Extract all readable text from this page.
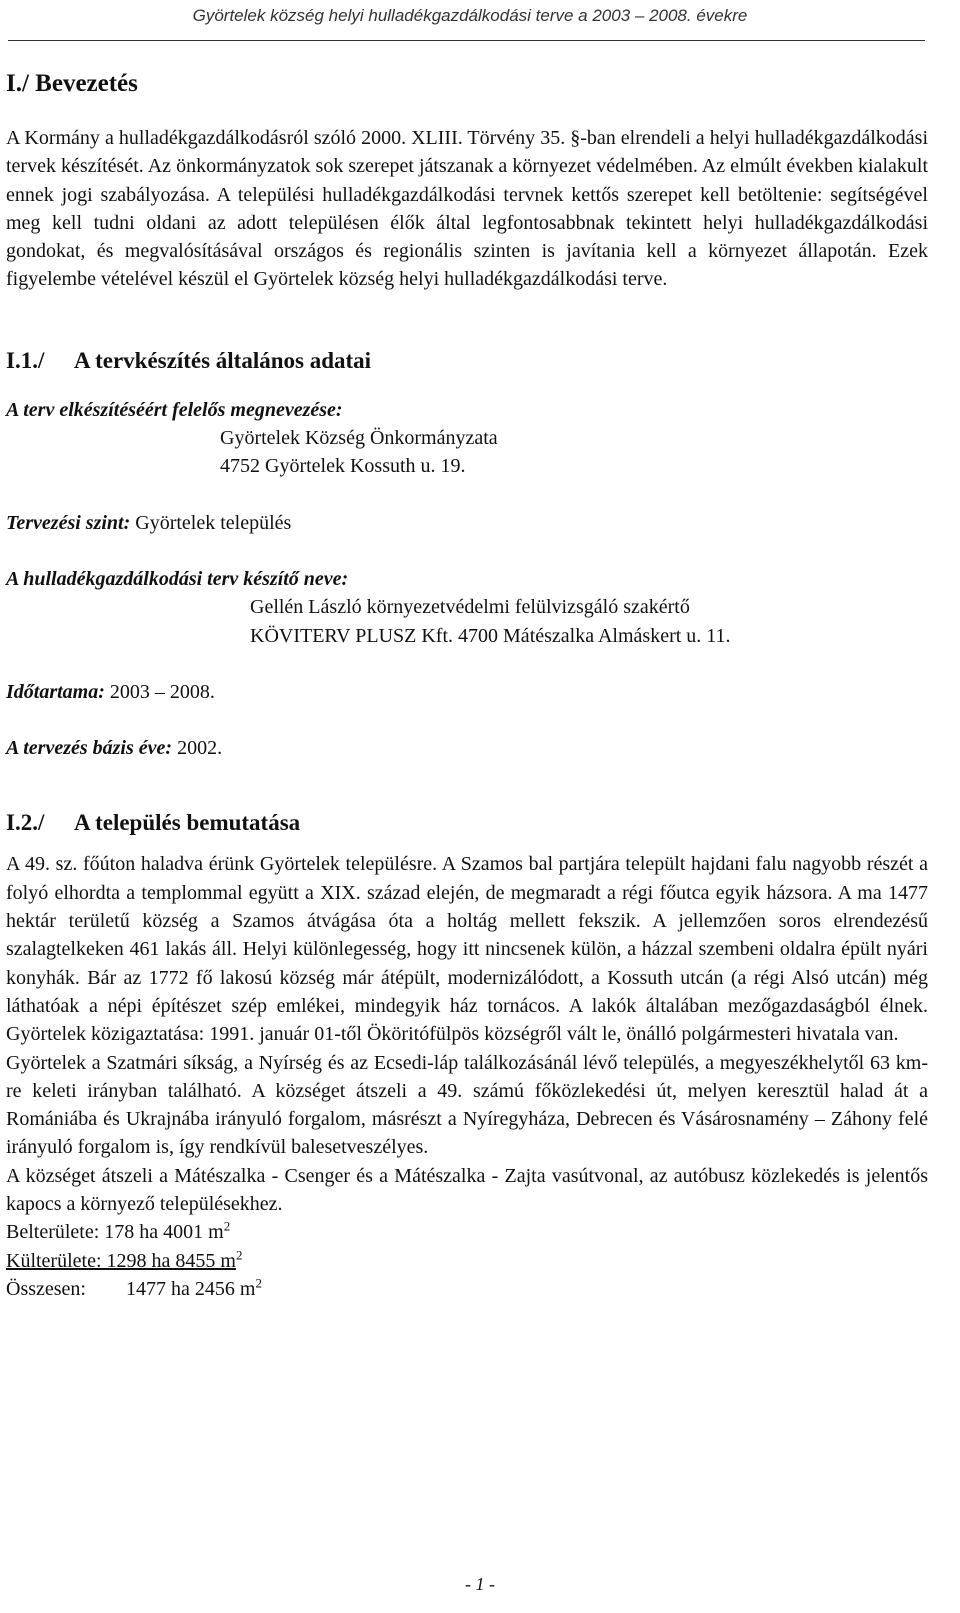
Györtelek község helyi hulladékgazdálkodási terve a 2003 – 2008. évekre
I./ Bevezetés

A Kormány a hulladékgazdálkodásról szóló 2000. XLIII. Törvény 35. §-ban elrendeli a helyi hulladékgazdálkodási tervek készítését. Az önkormányzatok sok szerepet játszanak a környezet védelmében. Az elmúlt években kialakult ennek jogi szabályozása. A települési hulladékgazdálkodási tervnek kettős szerepet kell betöltenie: segítségével meg kell tudni oldani az adott településen élők által legfontosabbnak tekintett helyi hulladékgazdálkodási gondokat, és megvalósításával országos és regionális szinten is javítania kell a környezet állapotán. Ezek figyelembe vételével készül el Györtelek község helyi hulladékgazdálkodási terve.

I.1./ A tervkészítés általános adatai
A terv elkészítéséért felelős megnevezése:
Györtelek Község Önkormányzata
4752 Györtelek Kossuth u. 19.
Tervezési szint: Györtelek település
A hulladékgazdálkodási terv készítő neve:
Gellén László környezetvédelmi felülvizsgáló szakértő
KÖVITERV PLUSZ Kft. 4700 Mátészalka Almáskert u. 11.
Időtartama: 2003 – 2008.
A tervezés bázis éve: 2002.
I.2./ A település bemutatása

A 49. sz. főúton haladva érünk Györtelek településre. A Szamos bal partjára települt hajdani falu nagyobb részét a folyó elhordta a templommal együtt a XIX. század elején, de megmaradt a régi főutca egyik házsora. A ma 1477 hektár területű község a Szamos átvágása óta a holtág mellett fekszik. A jellemzően soros elrendezésű szalagtelkeken 461 lakás áll. Helyi különlegesség, hogy itt nincsenek külön, a házzal szembeni oldalra épült nyári konyhák. Bár az 1772 fő lakosú község már átépült, modernizálódott, a Kossuth utcán (a régi Alsó utcán) még láthatóak a népi építészet szép emlékei, mindegyik ház tornácos. A lakók általában mezőgazdaságból élnek. Györtelek közigaztatása: 1991. január 01-től Ököritófülpös községről vált le, önálló polgármesteri hivatala van.

Györtelek a Szatmári síkság, a Nyírség és az Ecsedi-láp találkozásánál lévő település, a megyeszékhelytől 63 km-re keleti irányban található. A községet átszeli a 49. számú főközlekedési út, melyen keresztül halad át a Romániába és Ukrajnába irányuló forgalom, másrészt a Nyíregyháza, Debrecen és Vásárosnamény – Záhony felé irányuló forgalom is, így rendkívül balesetveszélyes.

A községet átszeli a Mátészalka - Csenger és a Mátészalka - Zajta vasútvonal, az autóbusz közlekedés is jelentős kapocs a környező településekhez.

Belterülete: 178 ha 4001 $m^2$
Külterülete: 1298 ha 8455 $m^2$
Összesen: 1477 ha 2456 $m^2$
- 1 -
